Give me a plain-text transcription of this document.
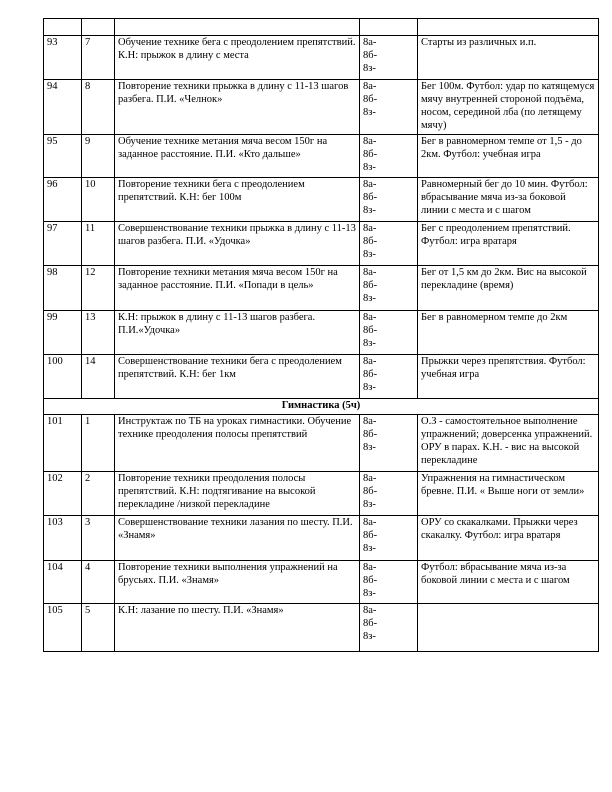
93	7	Обучение технике бега с преодолением препятствий. К.Н: прыжок в длину с места	8а-
8б-
8з-	Старты из различных и.п.
94	8	Повторение техники прыжка в длину с 11-13 шагов разбега. П.И. «Челнок»	8а-
8б-
8з-	Бег 100м. Футбол: удар по катящемуся мячу внутренней стороной подъёма, носом, серединой лба (по летящему мячу)
95	9	Обучение технике метания мяча весом 150г на заданное расстояние. П.И. «Кто дальше»	8а-
8б-
8з-	Бег в равномерном темпе от 1,5 - до 2км. Футбол: учебная игра
96	10	Повторение техники бега с преодолением препятствий. К.Н: бег 100м	8а-
8б-
8з-	Равномерный бег до 10 мин. Футбол: вбрасывание мяча из-за боковой линии с места и с шагом
97	11	Совершенствование техники прыжка в длину с 11-13 шагов разбега. П.И. «Удочка»	8а-
8б-
8з-	Бег с преодолением препятствий. Футбол: игра вратаря
98	12	Повторение техники метания мяча весом 150г на заданное расстояние. П.И. «Попади в цель»	8а-
8б-
8з-	Бег от 1,5 км до 2км. Вис на высокой перекладине (время)
99	13	К.Н: прыжок в длину с 11-13 шагов разбега. П.И.«Удочка»	8а-
8б-
8з-	Бег в равномерном темпе до 2км
100	14	Совершенствование техники бега с преодолением препятствий. К.Н: бег 1км	8а-
8б-
8з-	Прыжки через препятствия. Футбол: учебная игра
Гимнастика (5ч)				
101	1	Инструктаж по ТБ на уроках гимнастики. Обучение технике преодоления полосы препятствий	8а-
8б-
8з-	О.З - самостоятельное выполнение упражнений; доверсенка упражнений. ОРУ в парах. К.Н. - вис на высокой перекладине
102	2	Повторение техники преодоления полосы препятствий. К.Н: подтягивание на высокой перекладине /низкой перекладине	8а-
8б-
8з-	Упражнения на гимнастическом бревне. П.И. « Выше ноги от земли»
103	3	Совершенствование техники лазания по шесту. П.И. «Знамя»	8а-
8б-
8з-	ОРУ со скакалками. Прыжки через скакалку. Футбол: игра вратаря
104	4	Повторение техники выполнения упражнений на брусьях. П.И. «Знамя»	8а-
8б-
8з-	Футбол: вбрасывание мяча из-за боковой линии с места и с шагом
105	5	К.Н: лазание по шесту. П.И. «Знамя»	8а-
8б-
8з-	
